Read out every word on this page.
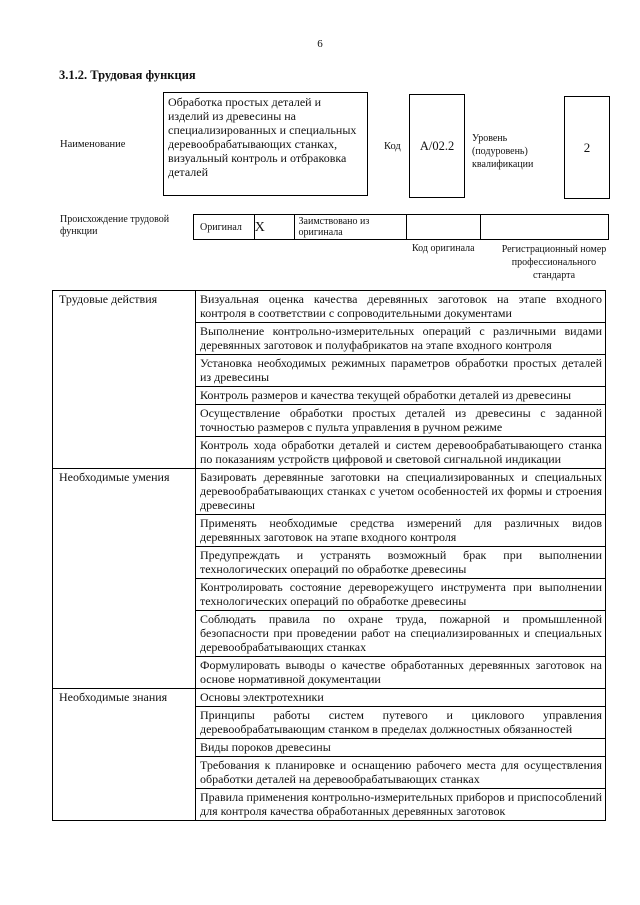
6
3.1.2. Трудовая функция
Наименование
Обработка простых деталей и изделий из древесины на специализированных и специальных деревообрабатывающих станках, визуальный контроль и отбраковка деталей
Код A/02.2 Уровень (подуровень) квалификации
2
Происхождение трудовой функции	Оригинал X	Заимствовано из оригинала
Код оригинала	Регистрационный номер профессионального стандарта
Трудовые действия	Визуальная оценка качества деревянных заготовок на этапе входного контроля в соответствии с сопроводительными документами
	Выполнение контрольно-измерительных операций с различными видами деревянных заготовок и полуфабрикатов на этапе входного контроля
	Установка необходимых режимных параметров обработки простых деталей из древесины
	Контроль размеров и качества текущей обработки деталей из древесины
	Осуществление обработки простых деталей из древесины с заданной точностью размеров с пульта управления в ручном режиме
	Контроль хода обработки деталей и систем деревообрабатывающего станка по показаниям устройств цифровой и световой сигнальной индикации
Необходимые умения	Базировать деревянные заготовки на специализированных и специальных деревообрабатывающих станках с учетом особенностей их формы и строения древесины
	Применять необходимые средства измерений для различных видов деревянных заготовок на этапе входного контроля
	Предупреждать и устранять возможный брак при выполнении технологических операций по обработке древесины
	Контролировать состояние дереворежущего инструмента при выполнении технологических операций по обработке древесины
	Соблюдать правила по охране труда, пожарной и промышленной безопасности при проведении работ на специализированных и специальных деревообрабатывающих станках
	Формулировать выводы о качестве обработанных деревянных заготовок на основе нормативной документации
Необходимые знания	Основы электротехники
	Принципы работы систем путевого и циклового управления деревообрабатывающим станком в пределах должностных обязанностей
	Виды пороков древесины
	Требования к планировке и оснащению рабочего места для осуществления обработки деталей на деревообрабатывающих станках
	Правила применения контрольно-измерительных приборов и приспособлений для контроля качества обработанных деревянных заготовок
